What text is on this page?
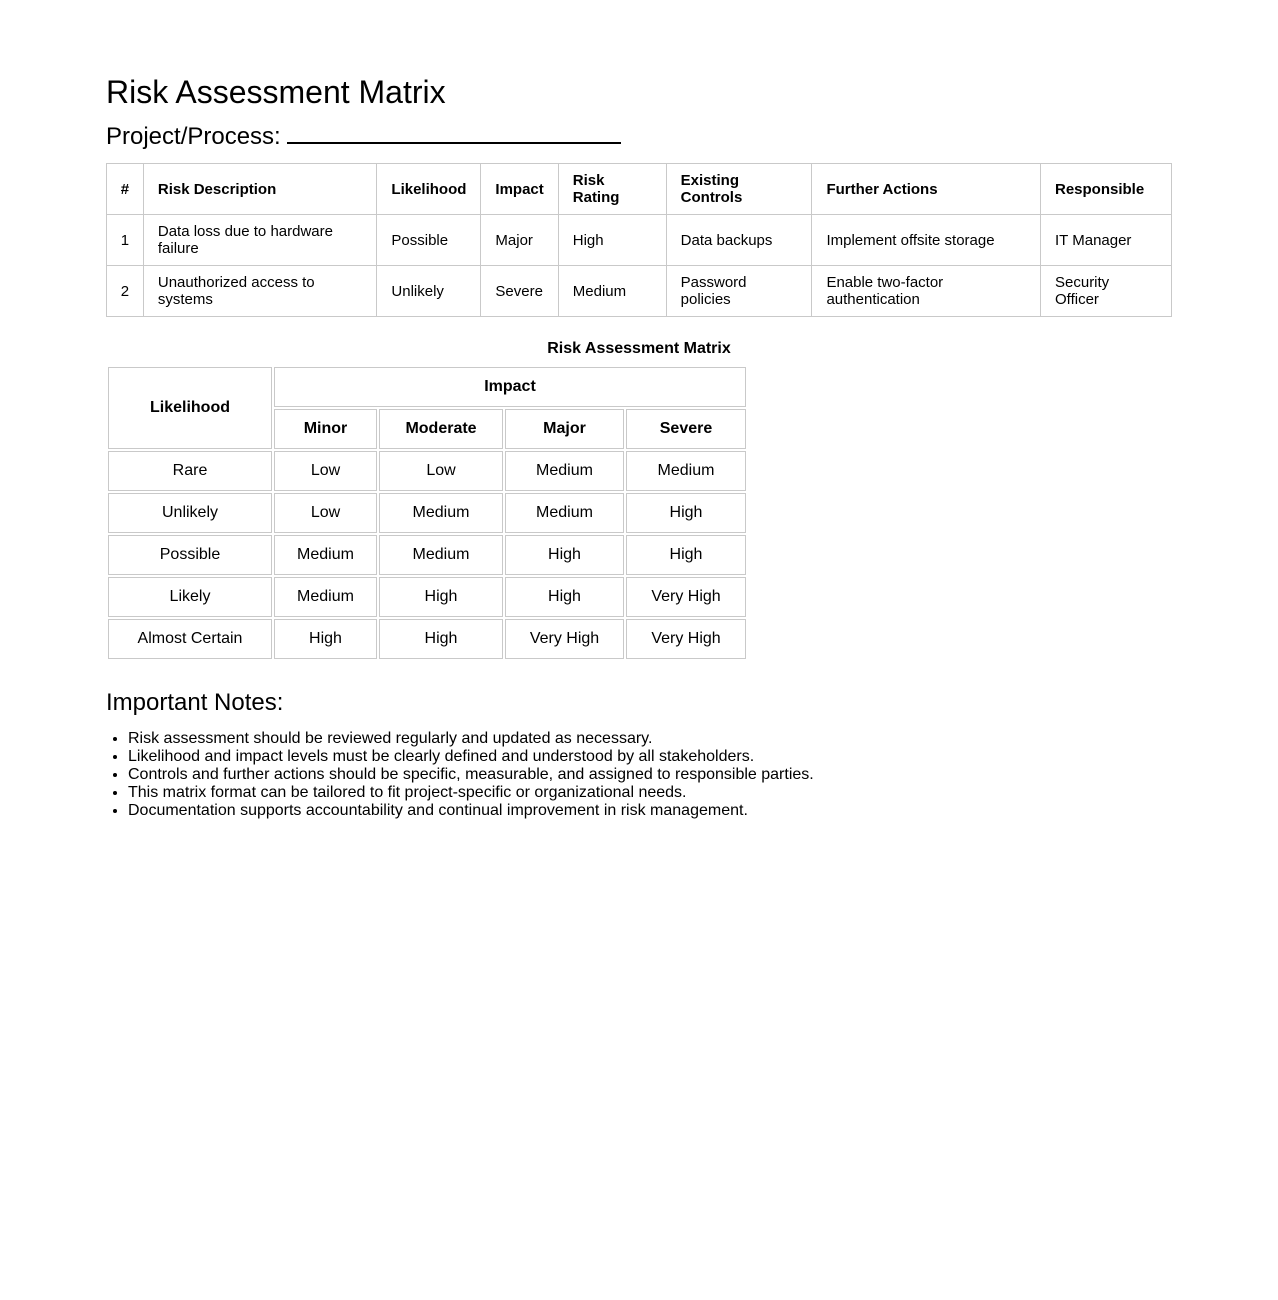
Risk Assessment Matrix
Project/Process:
#	Risk Description	Likelihood	Impact	Risk Rating	Existing Controls	Further Actions	Responsible
1	Data loss due to hardware failure	Possible	Major	High	Data backups	Implement offsite storage	IT Manager
2	Unauthorized access to systems	Unlikely	Severe	Medium	Password policies	Enable two-factor authentication	Security Officer
Risk Assessment Matrix
Likelihood	Impact			
	Minor	Moderate	Major	Severe
Rare	Low	Low	Medium	Medium
Unlikely	Low	Medium	Medium	High
Possible	Medium	Medium	High	High
Likely	Medium	High	High	Very High
Almost Certain	High	High	Very High	Very High
Important Notes:
• Risk assessment should be reviewed regularly and updated as necessary.
• Likelihood and impact levels must be clearly defined and understood by all stakeholders.
• Controls and further actions should be specific, measurable, and assigned to responsible parties.
• This matrix format can be tailored to fit project-specific or organizational needs.
• Documentation supports accountability and continual improvement in risk management.
